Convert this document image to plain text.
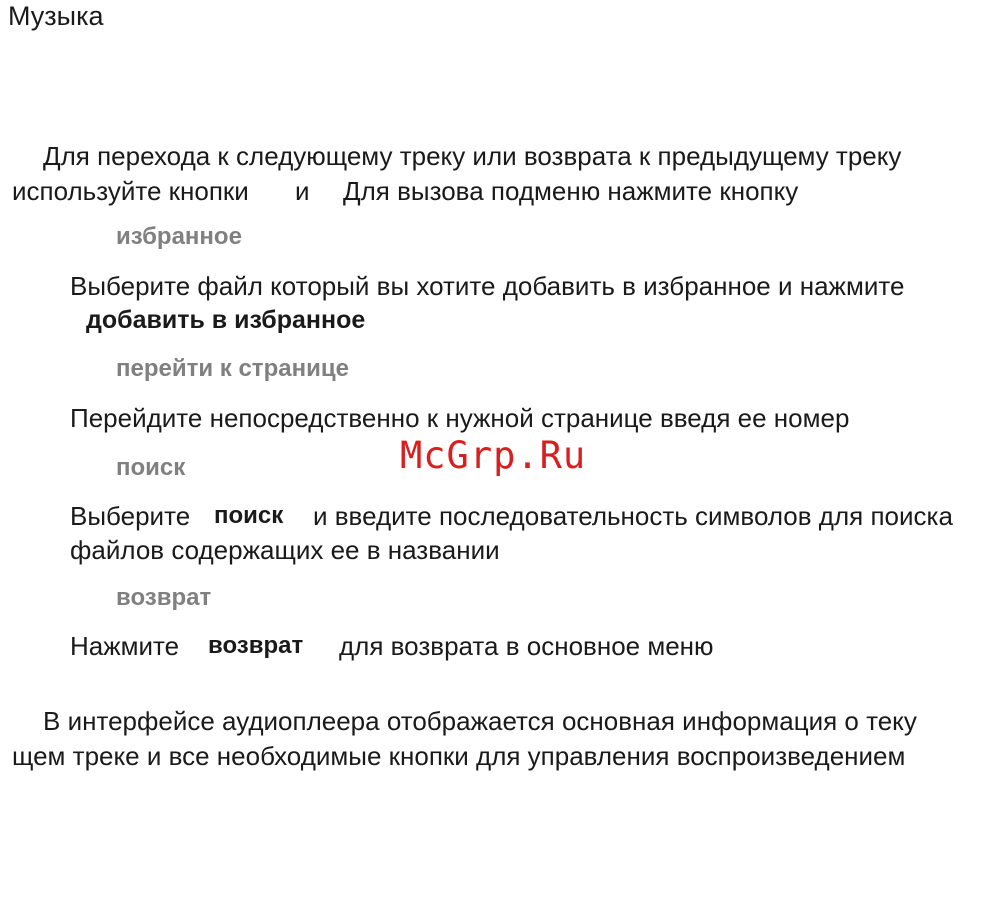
Музыка
Для перехода к следующему треку или возврата к предыдущему треку
используйте кнопки и Для вызова подменю нажмите кнопку
избранное
Выберите файл который вы хотите добавить в избранное и нажмите
добавить в избранное
перейти к странице
Перейдите непосредственно к нужной странице введя ее номер
поиск
Выберите поиск и введите последовательность символов для поиска
файлов содержащих ее в названии
возврат
Нажмите возврат для возврата в основное меню
В интерфейсе аудиоплеера отображается основная информация о теку
щем треке и все необходимые кнопки для управления воспроизведением
McGrp.Ru
